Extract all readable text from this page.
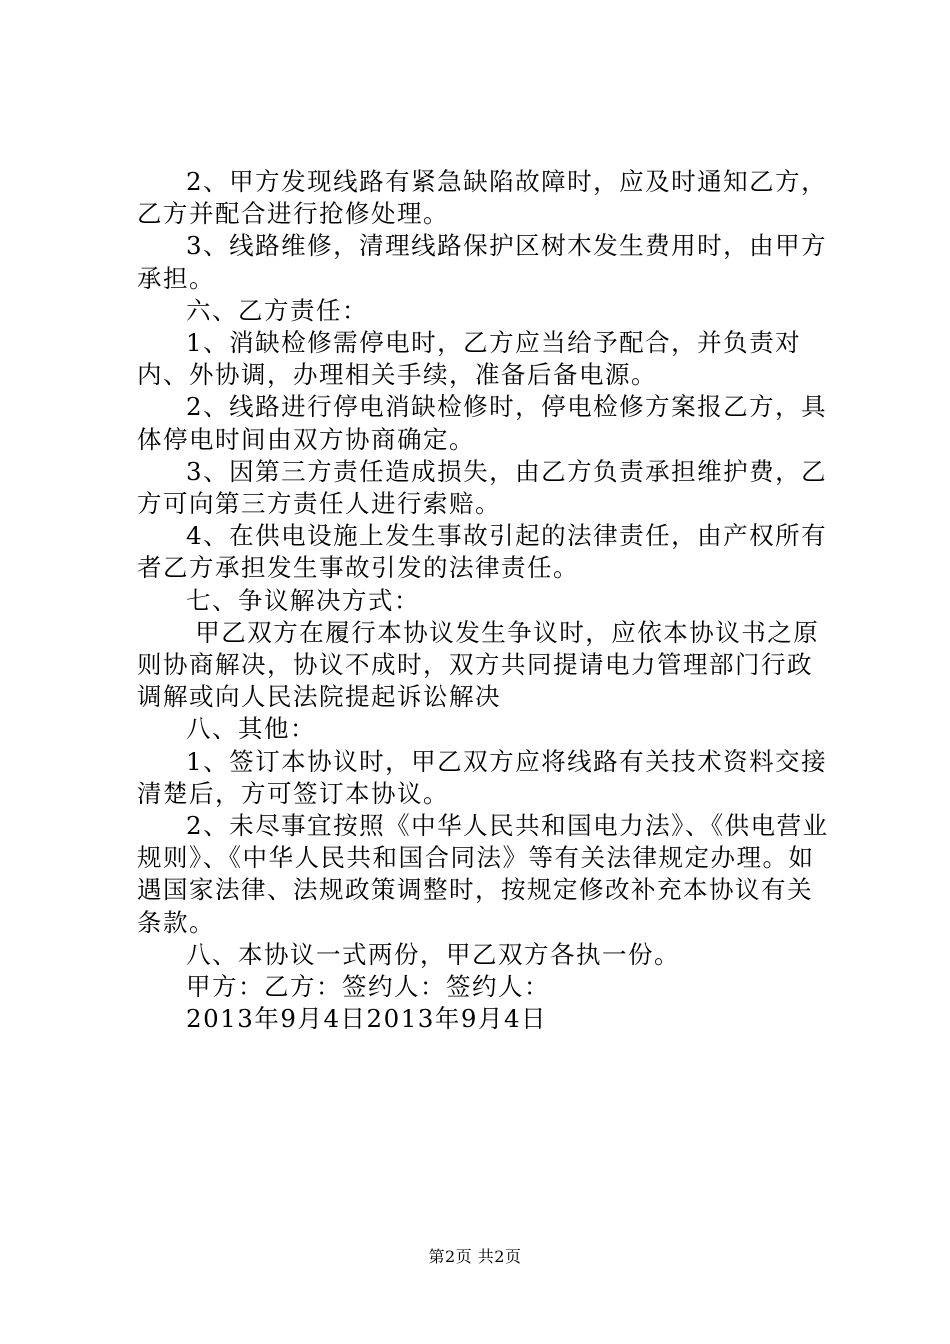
2、甲方发现线路有紧急缺陷故障时，应及时通知乙方，乙方并配合进行抢修处理。

3、线路维修，清理线路保护区树木发生费用时，由甲方承担。

六、乙方责任：

1、消缺检修需停电时，乙方应当给予配合，并负责对内、外协调，办理相关手续，准备后备电源。

2、线路进行停电消缺检修时，停电检修方案报乙方，具体停电时间由双方协商确定。

3、因第三方责任造成损失，由乙方负责承担维护费，乙方可向第三方责任人进行索赔。

4、在供电设施上发生事故引起的法律责任，由产权所有者乙方承担发生事故引发的法律责任。

七、争议解决方式：

甲乙双方在履行本协议发生争议时，应依本协议书之原则协商解决，协议不成时，双方共同提请电力管理部门行政调解或向人民法院提起诉讼解决

八、其他：

1、签订本协议时，甲乙双方应将线路有关技术资料交接清楚后，方可签订本协议。

2、未尽事宜按照《中华人民共和国电力法》、《供电营业规则》、《中华人民共和国合同法》等有关法律规定办理。如遇国家法律、法规政策调整时，按规定修改补充本协议有关条款。

八、本协议一式两份，甲乙双方各执一份。

甲方：乙方：签约人：签约人：

2013年9月4日2013年9月4日

第2页 共2页
